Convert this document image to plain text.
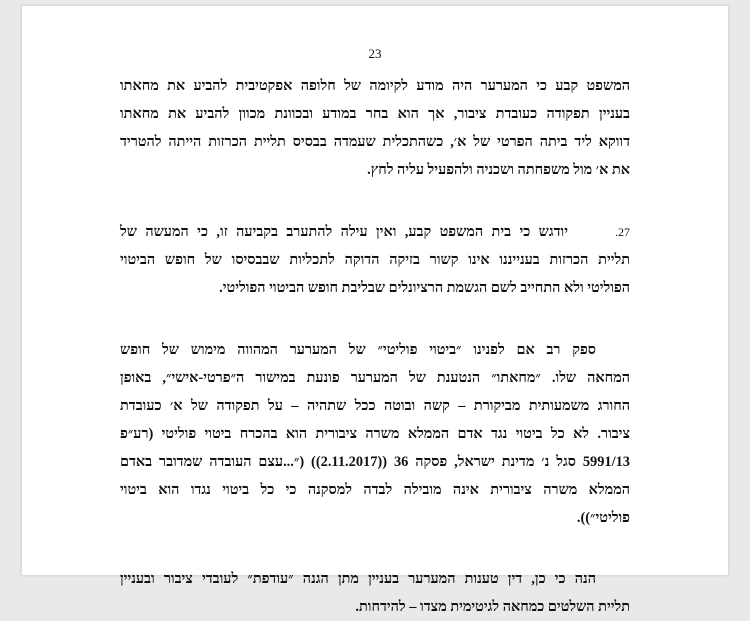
23
המשפט קבע כי המערער היה מודע לקיומה של חלופה אפקטיבית להביע את מחאתו
בעניין תפקודה כעובדת ציבור, אך הוא בחר במודע ובכוונת מכוון להביע את מחאתו
דווקא ליד ביתה הפרטי של א׳, כשהתכלית שעמדה בבסיס תליית הכרזות הייתה להטריד
את א׳ מול משפחתה ושכניה ולהפעיל עליה לחץ.
27.יודגש כי בית המשפט קבע, ואין עילה להתערב בקביעה זו, כי המעשה של
תליית הכרזות בענייננו אינו קשור בזיקה הדוקה לתכליות שבבסיסו של חופש הביטוי
הפוליטי ולא התחייב לשם הגשמת הרציונלים שבליבת חופש הביטוי הפוליטי.
ספק רב אם לפנינו ״ביטוי פוליטי״ של המערער המהווה מימוש של חופש
המחאה שלו. ״מחאתו״ הנטענת של המערער פונעת במישור ה״פרטי-אישי״, באופן
החורג משמעותית מביקורת – קשה ובוטה ככל שתהיה – על תפקודה של א׳ כעובדת
ציבור. לא כל ביטוי נגד אדם הממלא משרה ציבורית הוא בהכרח ביטוי פוליטי (רע״פ
5991/13 סגל נ׳ מדינת ישראל, פסקה 36 ((2.11.2017)) (״...עצם העובדה שמדובר באדם
הממלא משרה ציבורית אינה מובילה לבדה למסקנה כי כל ביטוי נגדו הוא ביטוי
פוליטי״)).
הנה כי כן, דין טענות המערער בעניין מתן הגנה ״עודפת״ לעובדי ציבור ובעניין
תליית השלטים כמחאה לגיטימית מצדו – להידחות.
